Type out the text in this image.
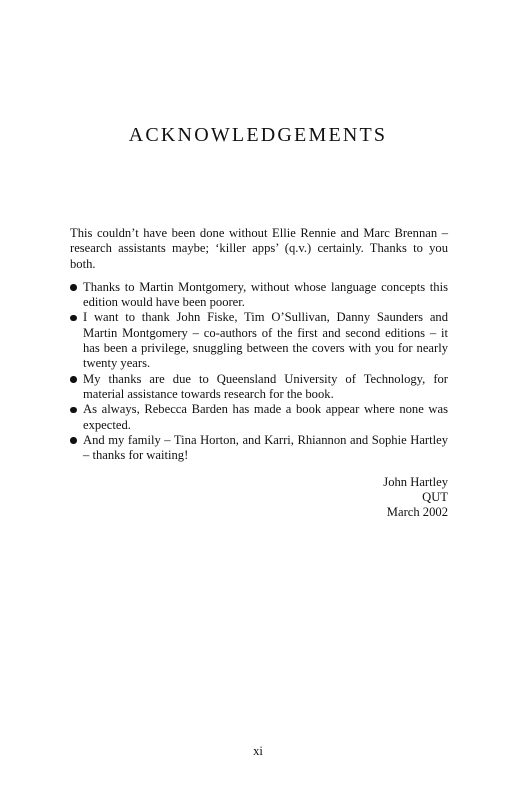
ACKNOWLEDGEMENTS

This couldn’t have been done without Ellie Rennie and Marc Brennan – research assistants maybe; ‘killer apps’ (q.v.) certainly. Thanks to you both.

Thanks to Martin Montgomery, without whose language concepts this edition would have been poorer.
I want to thank John Fiske, Tim O’Sullivan, Danny Saunders and Martin Montgomery – co-authors of the first and second editions – it has been a privilege, snuggling between the covers with you for nearly twenty years.
My thanks are due to Queensland University of Technology, for material assistance towards research for the book.
As always, Rebecca Barden has made a book appear where none was expected.
And my family – Tina Horton, and Karri, Rhiannon and Sophie Hartley – thanks for waiting!
John Hartley
QUT
March 2002
xi
